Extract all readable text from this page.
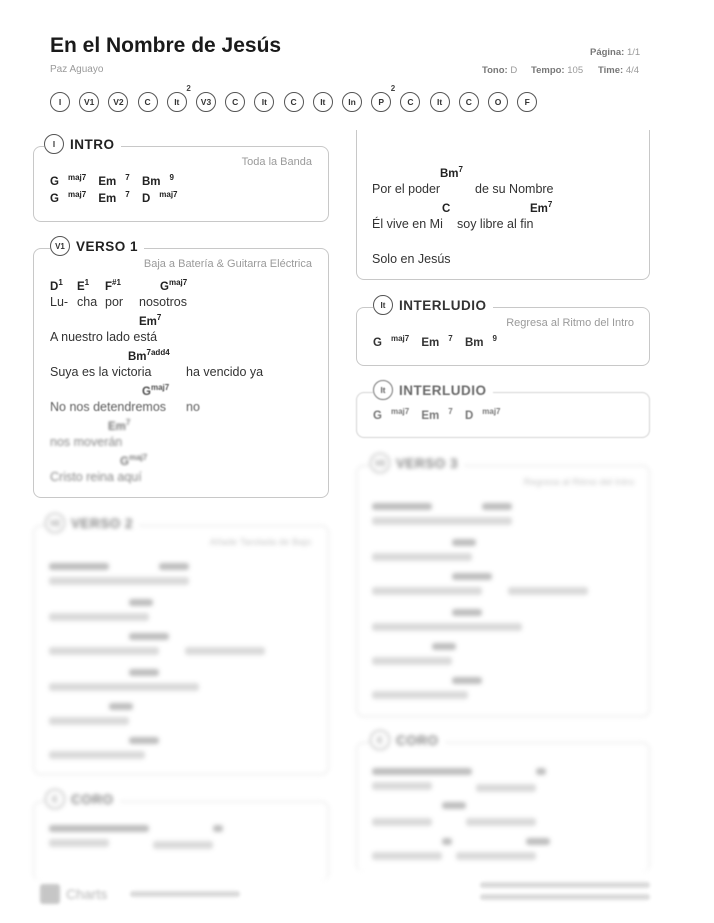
En el Nombre de Jesús
Paz Aguayo
Página: 1/1
Tono: D Tempo: 105 Time: 4/4
I	V1 V2 C	It
2
V3 C	It	C	It	In	P
2
C	It	C	O	F
I	INTRO
Toda la Banda
G $^{maj7}$ Em $^7$ Bm $^9$
G $^{maj7}$ Em $^7$ D $^{maj7}$
V1 VERSO 1
Baja a Batería & Guitarra Eléctrica
$D^1$ $E^1$ $F^{\#1}$	$G^{maj7}$
Lu- cha por nosotros
Em$^7$
A nuestro lado está
$Bm^{7add4}$
Suya es la victoria	ha vencido ya
$G^{maj7}$
No nos detendremos no
Em$^7$
nos moverán
$G^{maj7}$
Cristo reina aquí
V2 VERSO 2
Añade Tarolada de Bajo
C CORO
Bm$^7$
Por el poder	de su Nombre
C	Em$^7$
Él vive en Mi soy libre al fin
Solo en Jesús
It	INTERLUDIO
Regresa al Ritmo del Intro
G $^{maj7}$ Em $^7$ Bm $^9$
It	INTERLUDIO
G $^{maj7}$ Em $^7$ D $^{maj7}$
V3 VERSO 3
Regresa al Ritmo del Intro
C CORO
Charts
